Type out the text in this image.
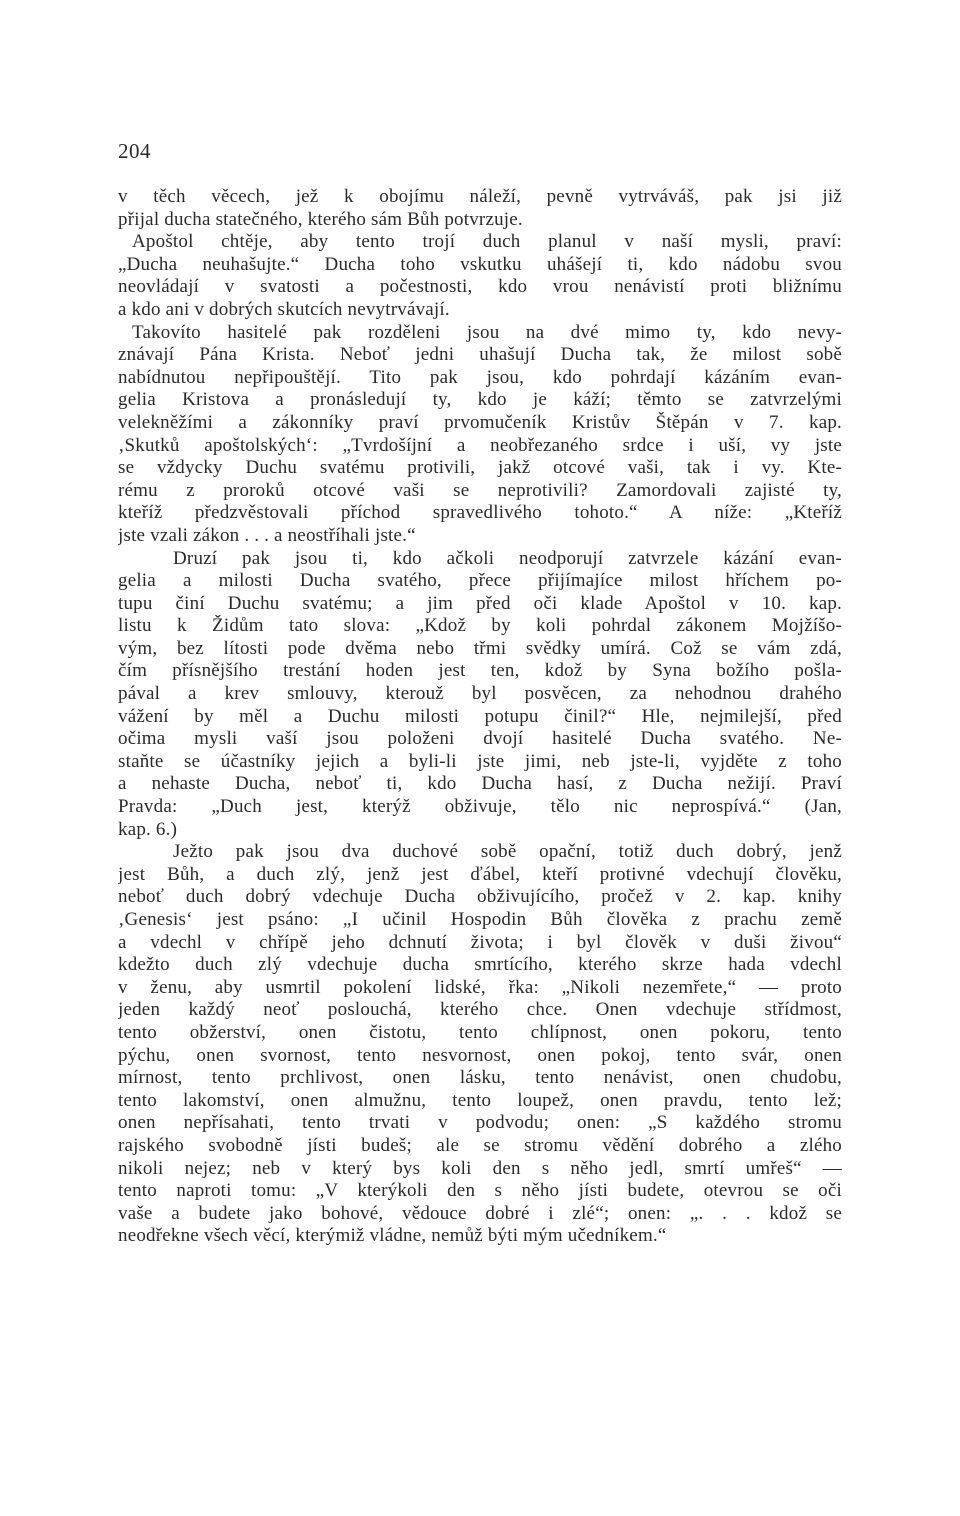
204
v těch věcech, jež k obojímu náleží, pevně vytrváváš, pak jsi již
přijal ducha statečného, kterého sám Bůh potvrzuje.
Apoštol chtěje, aby tento trojí duch planul v naší mysli, praví:
„Ducha neuhašujte.“ Ducha toho vskutku uhášejí ti, kdo nádobu svou
neovládají v svatosti a počestnosti, kdo vrou nenávistí proti bližnímu
a kdo ani v dobrých skutcích nevytrvávají.
Takovíto hasitelé pak rozděleni jsou na dvé mimo ty, kdo nevy-
znávají Pána Krista. Neboť jedni uhašují Ducha tak, že milost sobě
nabídnutou nepřipouštějí. Tito pak jsou, kdo pohrdají kázáním evan-
gelia Kristova a pronásledují ty, kdo je káží; těmto se zatvrzelými
velekněžími a zákonníky praví prvomučeník Kristův Štěpán v 7. kap.
‚Skutků apoštolských‘: „Tvrdošíjní a neobřezaného srdce i uší, vy jste
se vždycky Duchu svatému protivili, jakž otcové vaši, tak i vy. Kte-
rému z proroků otcové vaši se neprotivili? Zamordovali zajisté ty,
kteříž předzvěstovali příchod spravedlivého tohoto.“ A níže: „Kteříž
jste vzali zákon . . . a neostříhali jste.“
Druzí pak jsou ti, kdo ačkoli neodporují zatvrzele kázání evan-
gelia a milosti Ducha svatého, přece přijímajíce milost hříchem po-
tupu činí Duchu svatému; a jim před oči klade Apoštol v 10. kap.
listu k Židům tato slova: „Kdož by koli pohrdal zákonem Mojžíšo-
vým, bez lítosti pode dvěma nebo třmi svědky umírá. Což se vám zdá,
čím přísnějšího trestání hoden jest ten, kdož by Syna božího pošla-
pával a krev smlouvy, kterouž byl posvěcen, za nehodnou drahého
vážení by měl a Duchu milosti potupu činil?“ Hle, nejmilejší, před
očima mysli vaší jsou položeni dvojí hasitelé Ducha svatého. Ne-
staňte se účastníky jejich a byli-li jste jimi, neb jste-li, vyjděte z toho
a nehaste Ducha, neboť ti, kdo Ducha hasí, z Ducha nežijí. Praví
Pravda: „Duch jest, kterýž obživuje, tělo nic neprospívá.“ (Jan,
kap. 6.)
Ježto pak jsou dva duchové sobě opační, totiž duch dobrý, jenž
jest Bůh, a duch zlý, jenž jest ďábel, kteří protivné vdechují člověku,
neboť duch dobrý vdechuje Ducha obživujícího, pročež v 2. kap. knihy
‚Genesis‘ jest psáno: „I učinil Hospodin Bůh člověka z prachu země
a vdechl v chřípě jeho dchnutí života; i byl člověk v duši živou“
kdežto duch zlý vdechuje ducha smrtícího, kterého skrze hada vdechl
v ženu, aby usmrtil pokolení lidské, řka: „Nikoli nezemřete,“ — proto
jeden každý neoť poslouchá, kterého chce. Onen vdechuje střídmost,
tento obžerství, onen čistotu, tento chlípnost, onen pokoru, tento
pýchu, onen svornost, tento nesvornost, onen pokoj, tento svár, onen
mírnost, tento prchlivost, onen lásku, tento nenávist, onen chudobu,
tento lakomství, onen almužnu, tento loupež, onen pravdu, tento lež;
onen nepřísahati, tento trvati v podvodu; onen: „S každého stromu
rajského svobodně jísti budeš; ale se stromu vědění dobrého a zlého
nikoli nejez; neb v který bys koli den s něho jedl, smrtí umřeš“ —
tento naproti tomu: „V kterýkoli den s něho jísti budete, otevrou se oči
vaše a budete jako bohové, vědouce dobré i zlé“; onen: „. . . kdož se
neodřekne všech věcí, kterýmiž vládne, nemůž býti mým učedníkem.“
